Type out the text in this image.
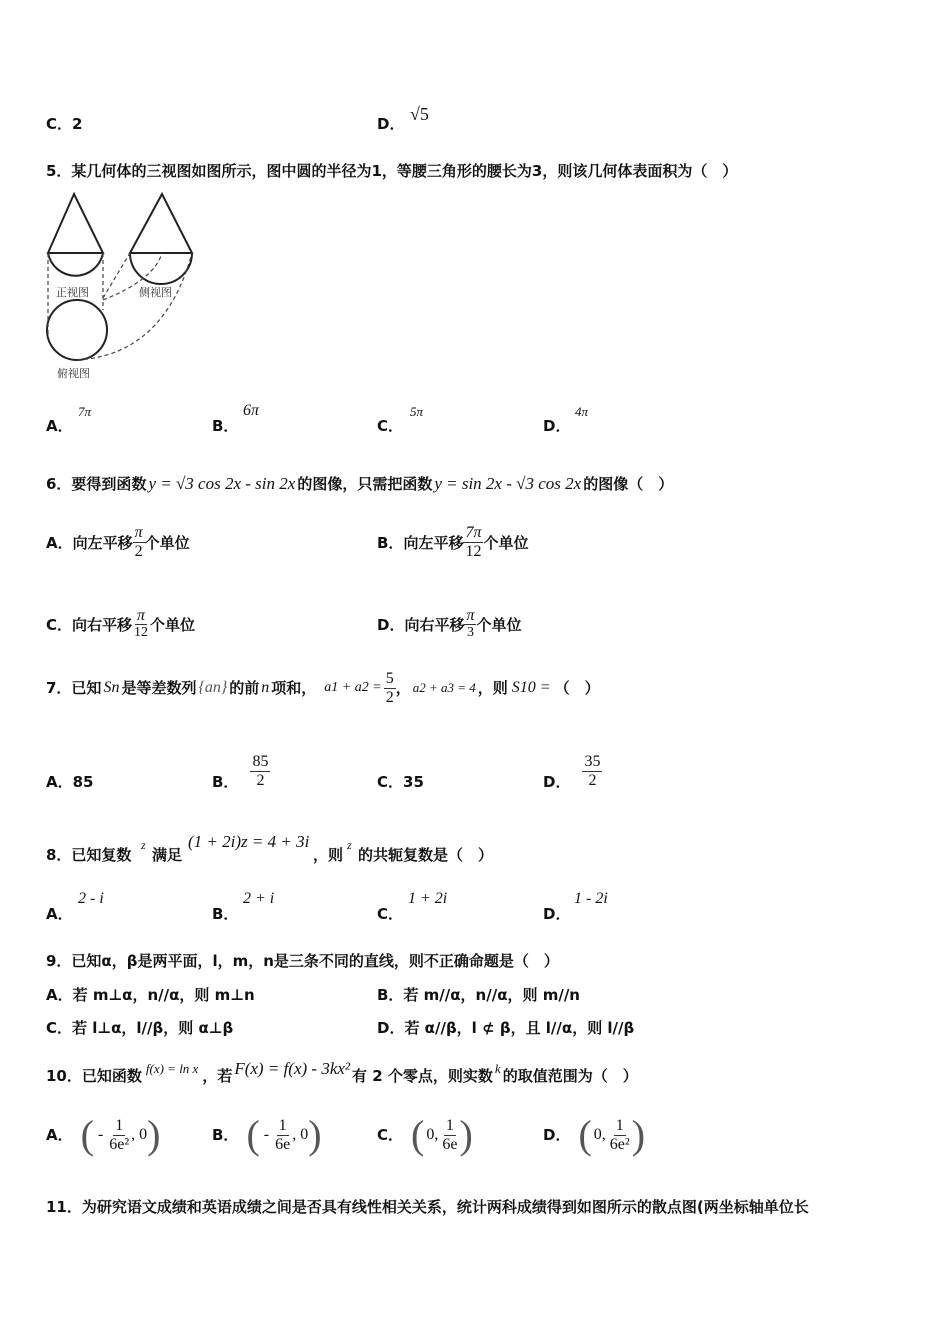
C．2	D． √5
5．某几何体的三视图如图所示，图中圆的半径为1，等腰三角形的腰长为3，则该几何体表面积为（　）
正视图	侧视图
俯视图
A．
7π
B．
6π
C．
5π
D．
4π
6．要得到函数 y = √3 cos 2x - sin 2x 的图像，只需把函数 y = sin 2x - √3 cos 2x 的图像（　）
A． 向左平移 $\frac{\pi}{2}$ 个单位	B． 向左平移 $\frac{7\pi}{12}$ 个单位
C． 向右平移 $\frac{\pi}{12}$ 个单位	D． 向右平移 $\frac{\pi}{3}$ 个单位
7．已知 Sn 是等差数列 {an} 的前 n 项和， $a1 + a2 = \frac{5}{2}$ ， a2 + a3 = 4 ，则 S10 = （　）
A．85	B． $\frac{85}{2}$	C．35	D． $\frac{35}{2}$
8．已知复数
z
满足
(1 + 2i)z = 4 + 3i
，则
z
的共轭复数是（　）
A．
2 - i
B．
2 + i
C．
1 + 2i
D．
1 - 2i
9．已知α，β是两平面，l，m，n是三条不同的直线，则不正确命题是（　）
A．若 m⊥α，n//α，则 m⊥n	B．若 m//α，n//α，则 m//n
C．若 l⊥α，l//β，则 α⊥β	D．若 α//β，l ⊄ β，且 l//α，则 l//β
10．已知函数 f(x) = ln x ，若 F(x) = f(x) - 3kx² 有 2 个零点，则实数 k 的取值范围为（　）
A． ( - $\frac{1}{\text{6e²}}$ , 0 )	B． ( - $\frac{1}{6e}$ , 0 )	C． ( 0, $\frac{1}{6e}$ )	D． ( 0, $\frac{1}{\text{6e²}}$ )
11．为研究语文成绩和英语成绩之间是否具有线性相关关系，统计两科成绩得到如图所示的散点图(两坐标轴单位长
